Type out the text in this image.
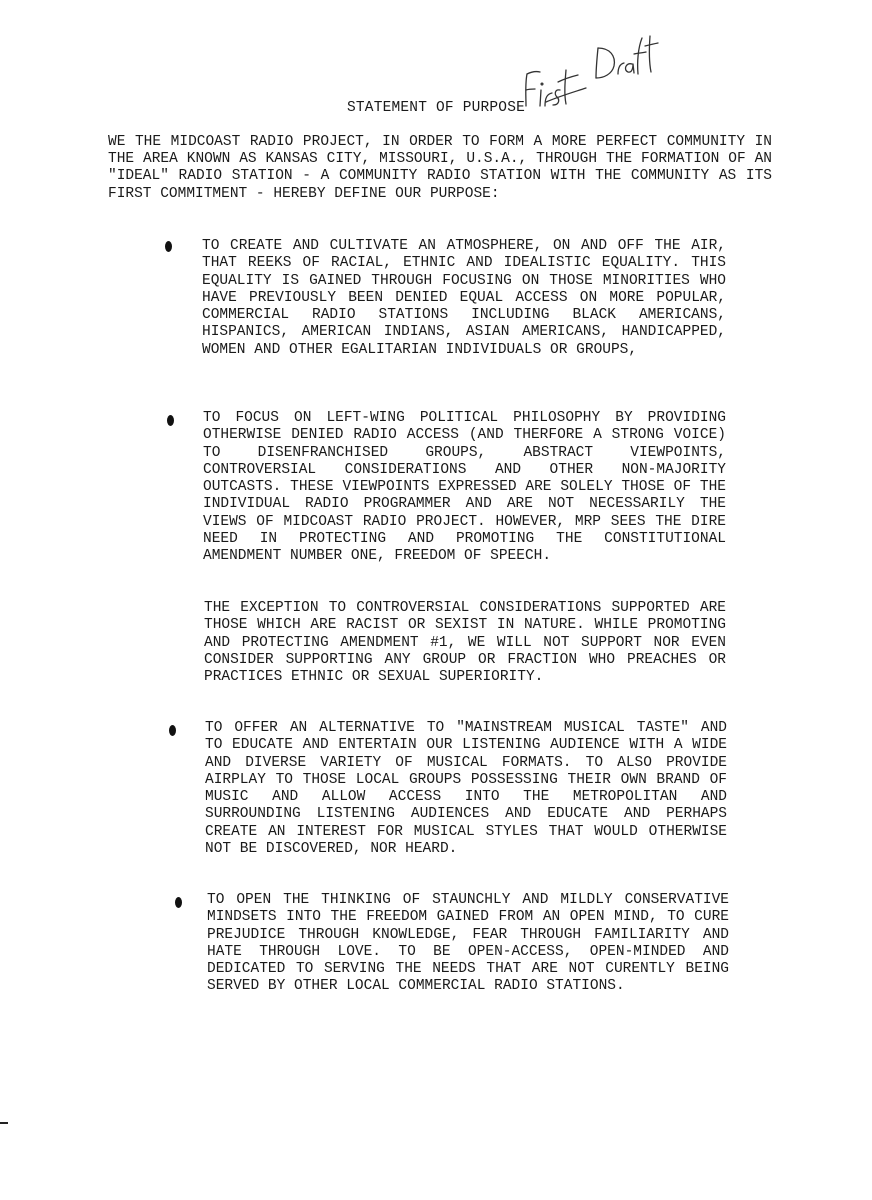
STATEMENT OF PURPOSE

WE THE MIDCOAST RADIO PROJECT, IN ORDER TO FORM A MORE PERFECT COMMUNITY IN THE AREA KNOWN AS KANSAS CITY, MISSOURI, U.S.A., THROUGH THE FORMATION OF AN "IDEAL" RADIO STATION - A COMMUNITY RADIO STATION WITH THE COMMUNITY AS ITS FIRST COMMITMENT - HEREBY DEFINE OUR PURPOSE:

TO CREATE AND CULTIVATE AN ATMOSPHERE, ON AND OFF THE AIR, THAT REEKS OF RACIAL, ETHNIC AND IDEALISTIC EQUALITY. THIS EQUALITY IS GAINED THROUGH FOCUSING ON THOSE MINORITIES WHO HAVE PREVIOUSLY BEEN DENIED EQUAL ACCESS ON MORE POPULAR, COMMERCIAL RADIO STATIONS INCLUDING BLACK AMERICANS, HISPANICS, AMERICAN INDIANS, ASIAN AMERICANS, HANDICAPPED, WOMEN AND OTHER EGALITARIAN INDIVIDUALS OR GROUPS,

TO FOCUS ON LEFT-WING POLITICAL PHILOSOPHY BY PROVIDING OTHERWISE DENIED RADIO ACCESS (AND THERFORE A STRONG VOICE) TO DISENFRANCHISED GROUPS, ABSTRACT VIEWPOINTS, CONTROVERSIAL CONSIDERATIONS AND OTHER NON-MAJORITY OUTCASTS. THESE VIEWPOINTS EXPRESSED ARE SOLELY THOSE OF THE INDIVIDUAL RADIO PROGRAMMER AND ARE NOT NECESSARILY THE VIEWS OF MIDCOAST RADIO PROJECT. HOWEVER, MRP SEES THE DIRE NEED IN PROTECTING AND PROMOTING THE CONSTITUTIONAL AMENDMENT NUMBER ONE, FREEDOM OF SPEECH.

THE EXCEPTION TO CONTROVERSIAL CONSIDERATIONS SUPPORTED ARE THOSE WHICH ARE RACIST OR SEXIST IN NATURE. WHILE PROMOTING AND PROTECTING AMENDMENT #1, WE WILL NOT SUPPORT NOR EVEN CONSIDER SUPPORTING ANY GROUP OR FRACTION WHO PREACHES OR PRACTICES ETHNIC OR SEXUAL SUPERIORITY.

TO OFFER AN ALTERNATIVE TO "MAINSTREAM MUSICAL TASTE" AND TO EDUCATE AND ENTERTAIN OUR LISTENING AUDIENCE WITH A WIDE AND DIVERSE VARIETY OF MUSICAL FORMATS. TO ALSO PROVIDE AIRPLAY TO THOSE LOCAL GROUPS POSSESSING THEIR OWN BRAND OF MUSIC AND ALLOW ACCESS INTO THE METROPOLITAN AND SURROUNDING LISTENING AUDIENCES AND EDUCATE AND PERHAPS CREATE AN INTEREST FOR MUSICAL STYLES THAT WOULD OTHERWISE NOT BE DISCOVERED, NOR HEARD.

TO OPEN THE THINKING OF STAUNCHLY AND MILDLY CONSERVATIVE MINDSETS INTO THE FREEDOM GAINED FROM AN OPEN MIND, TO CURE PREJUDICE THROUGH KNOWLEDGE, FEAR THROUGH FAMILIARITY AND HATE THROUGH LOVE. TO BE OPEN-ACCESS, OPEN-MINDED AND DEDICATED TO SERVING THE NEEDS THAT ARE NOT CURENTLY BEING SERVED BY OTHER LOCAL COMMERCIAL RADIO STATIONS.
